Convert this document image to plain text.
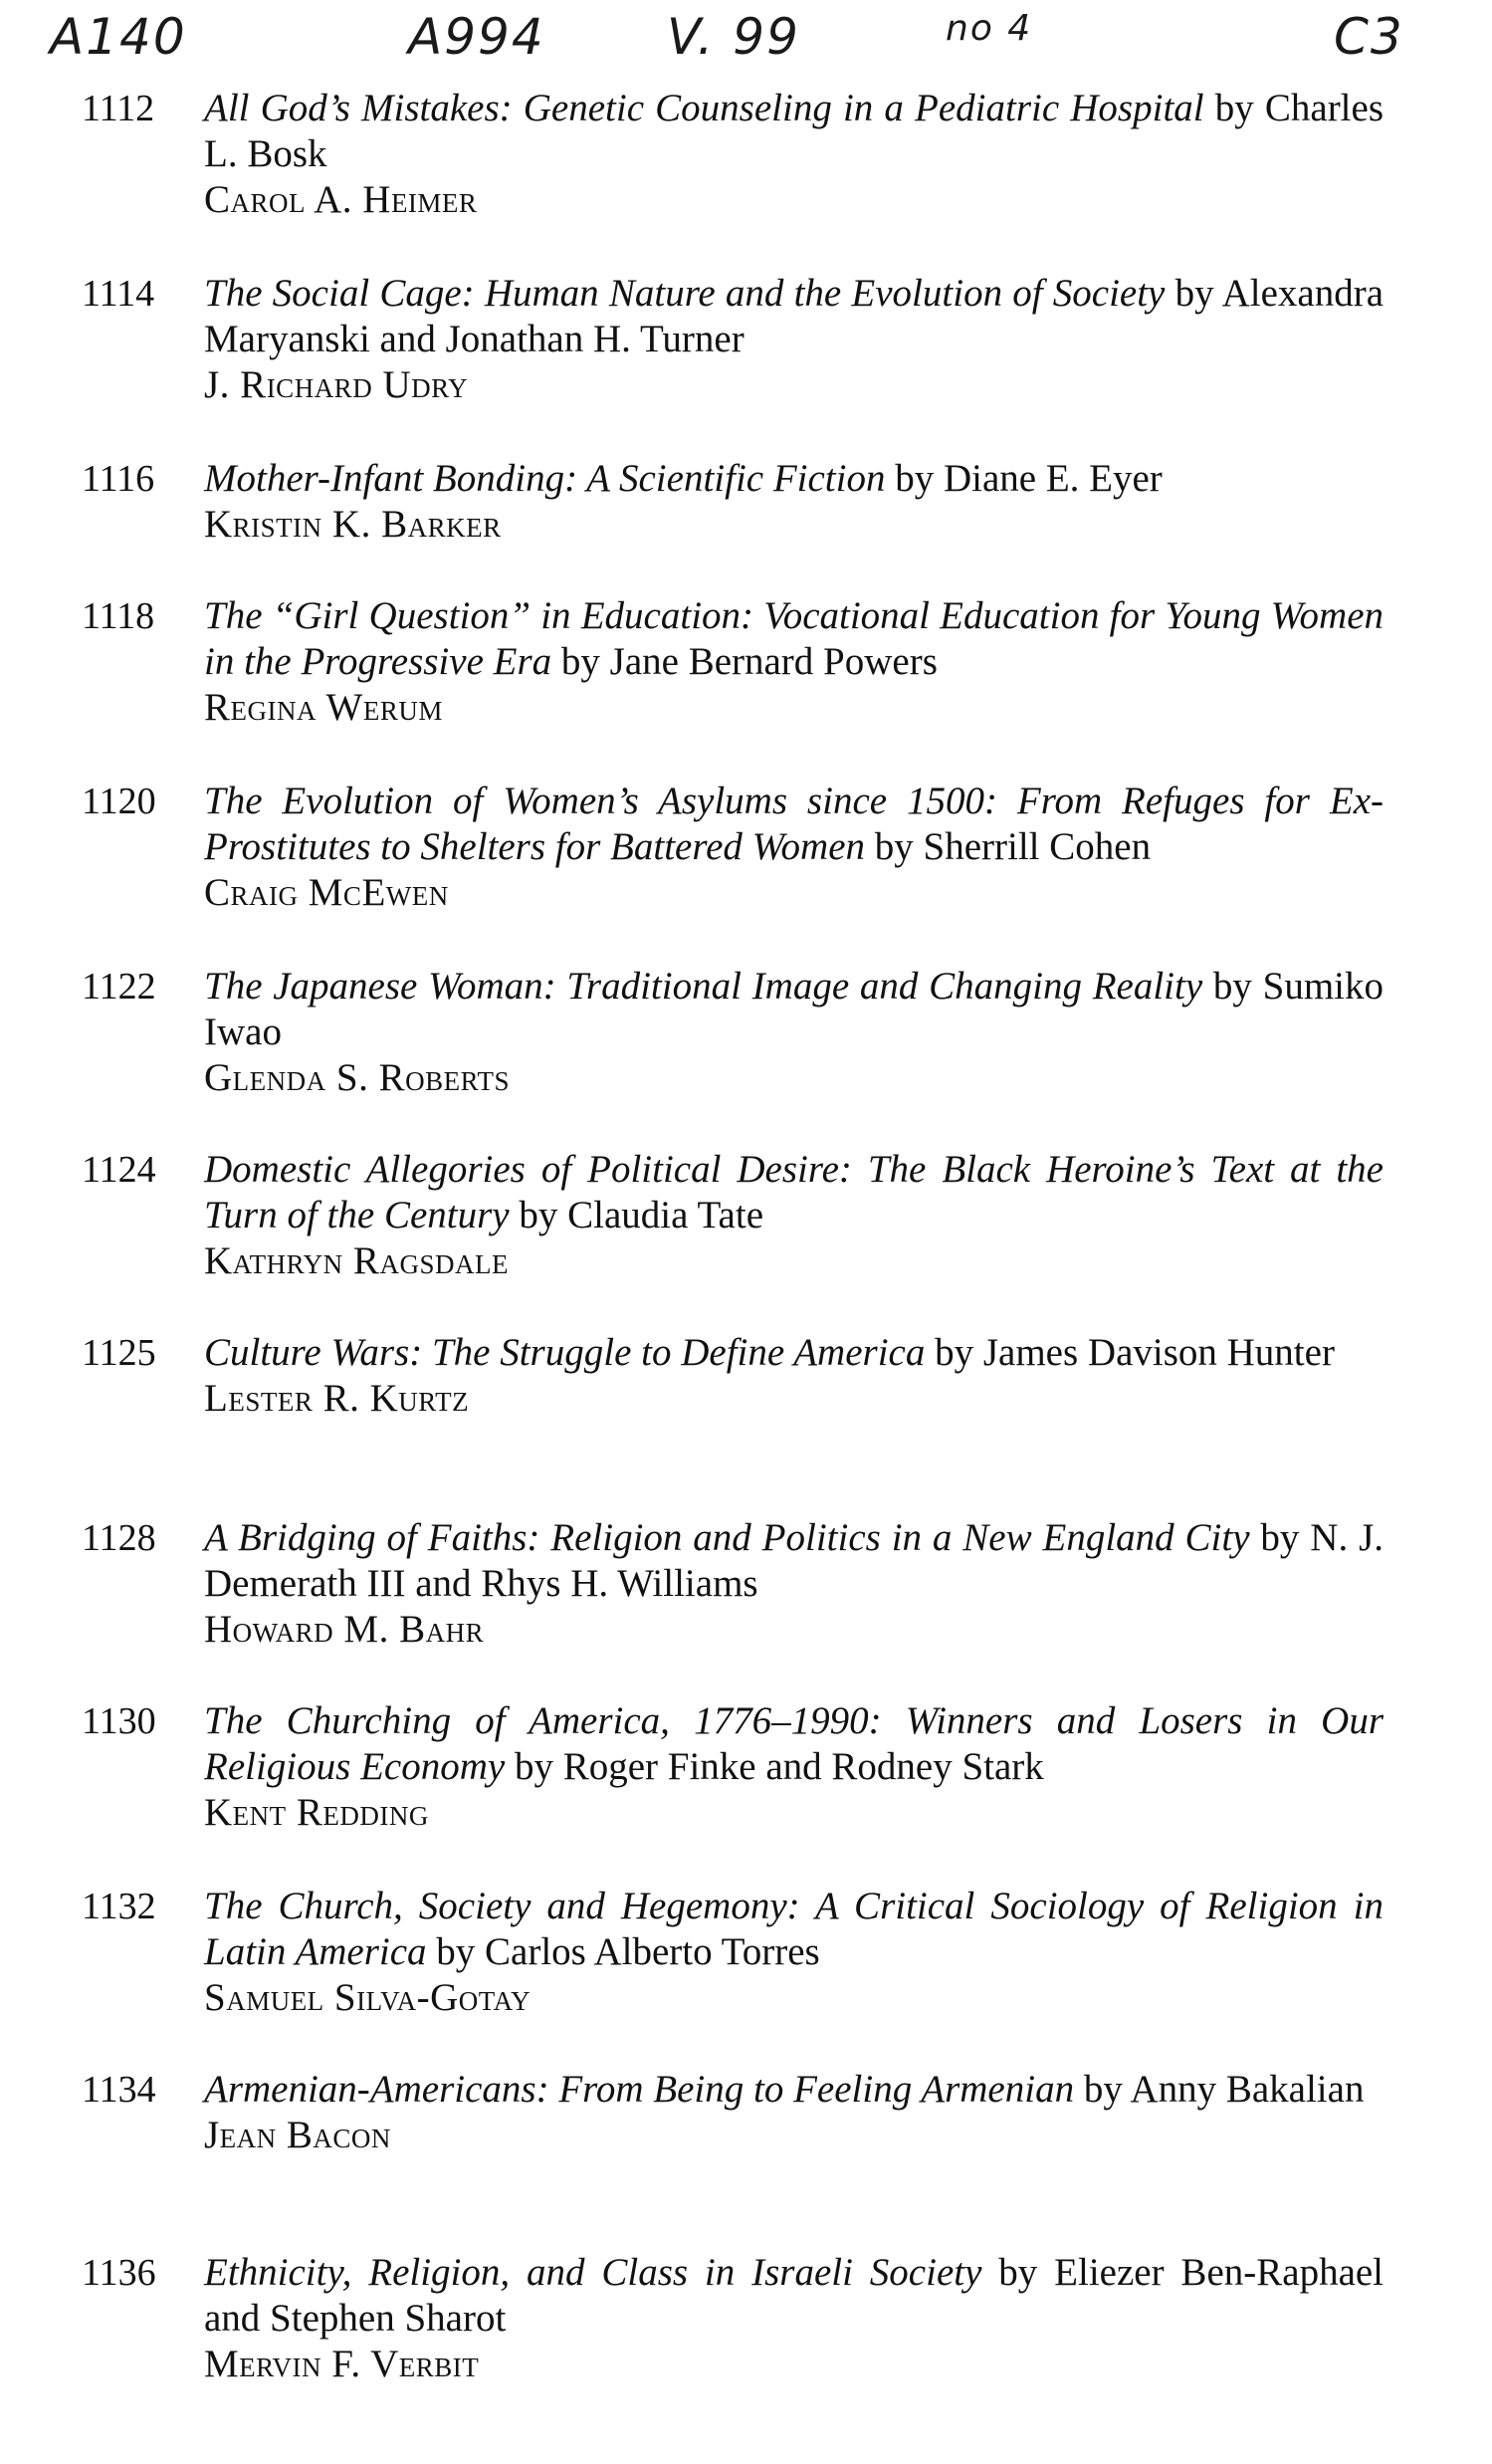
A140	A994 V. 99	no 4	C3
1112	All God’s Mistakes: Genetic Counseling in a Pediatric Hospital by Charles L. Bosk
Carol A. Heimer
1114	The Social Cage: Human Nature and the Evolution of Society by Alexandra Maryanski and Jonathan H. Turner
J. Richard Udry
1116	Mother-Infant Bonding: A Scientific Fiction by Diane E. Eyer
Kristin K. Barker
1118	The “Girl Question” in Education: Vocational Education for Young Women in the Progressive Era by Jane Bernard Powers
Regina Werum
1120	The Evolution of Women’s Asylums since 1500: From Refuges for Ex-Prostitutes to Shelters for Battered Women by Sherrill Cohen
Craig McEwen
1122	The Japanese Woman: Traditional Image and Changing Reality by Sumiko Iwao
Glenda S. Roberts
1124	Domestic Allegories of Political Desire: The Black Heroine’s Text at the Turn of the Century by Claudia Tate
Kathryn Ragsdale
1125	Culture Wars: The Struggle to Define America by James Davison Hunter
Lester R. Kurtz
1128	A Bridging of Faiths: Religion and Politics in a New England City by N. J. Demerath III and Rhys H. Williams
Howard M. Bahr
1130	The Churching of America, 1776–1990: Winners and Losers in Our Religious Economy by Roger Finke and Rodney Stark
Kent Redding
1132	The Church, Society and Hegemony: A Critical Sociology of Religion in Latin America by Carlos Alberto Torres
Samuel Silva-Gotay
1134	Armenian-Americans: From Being to Feeling Armenian by Anny Bakalian
Jean Bacon
1136	Ethnicity, Religion, and Class in Israeli Society by Eliezer Ben-Raphael and Stephen Sharot
Mervin F. Verbit
